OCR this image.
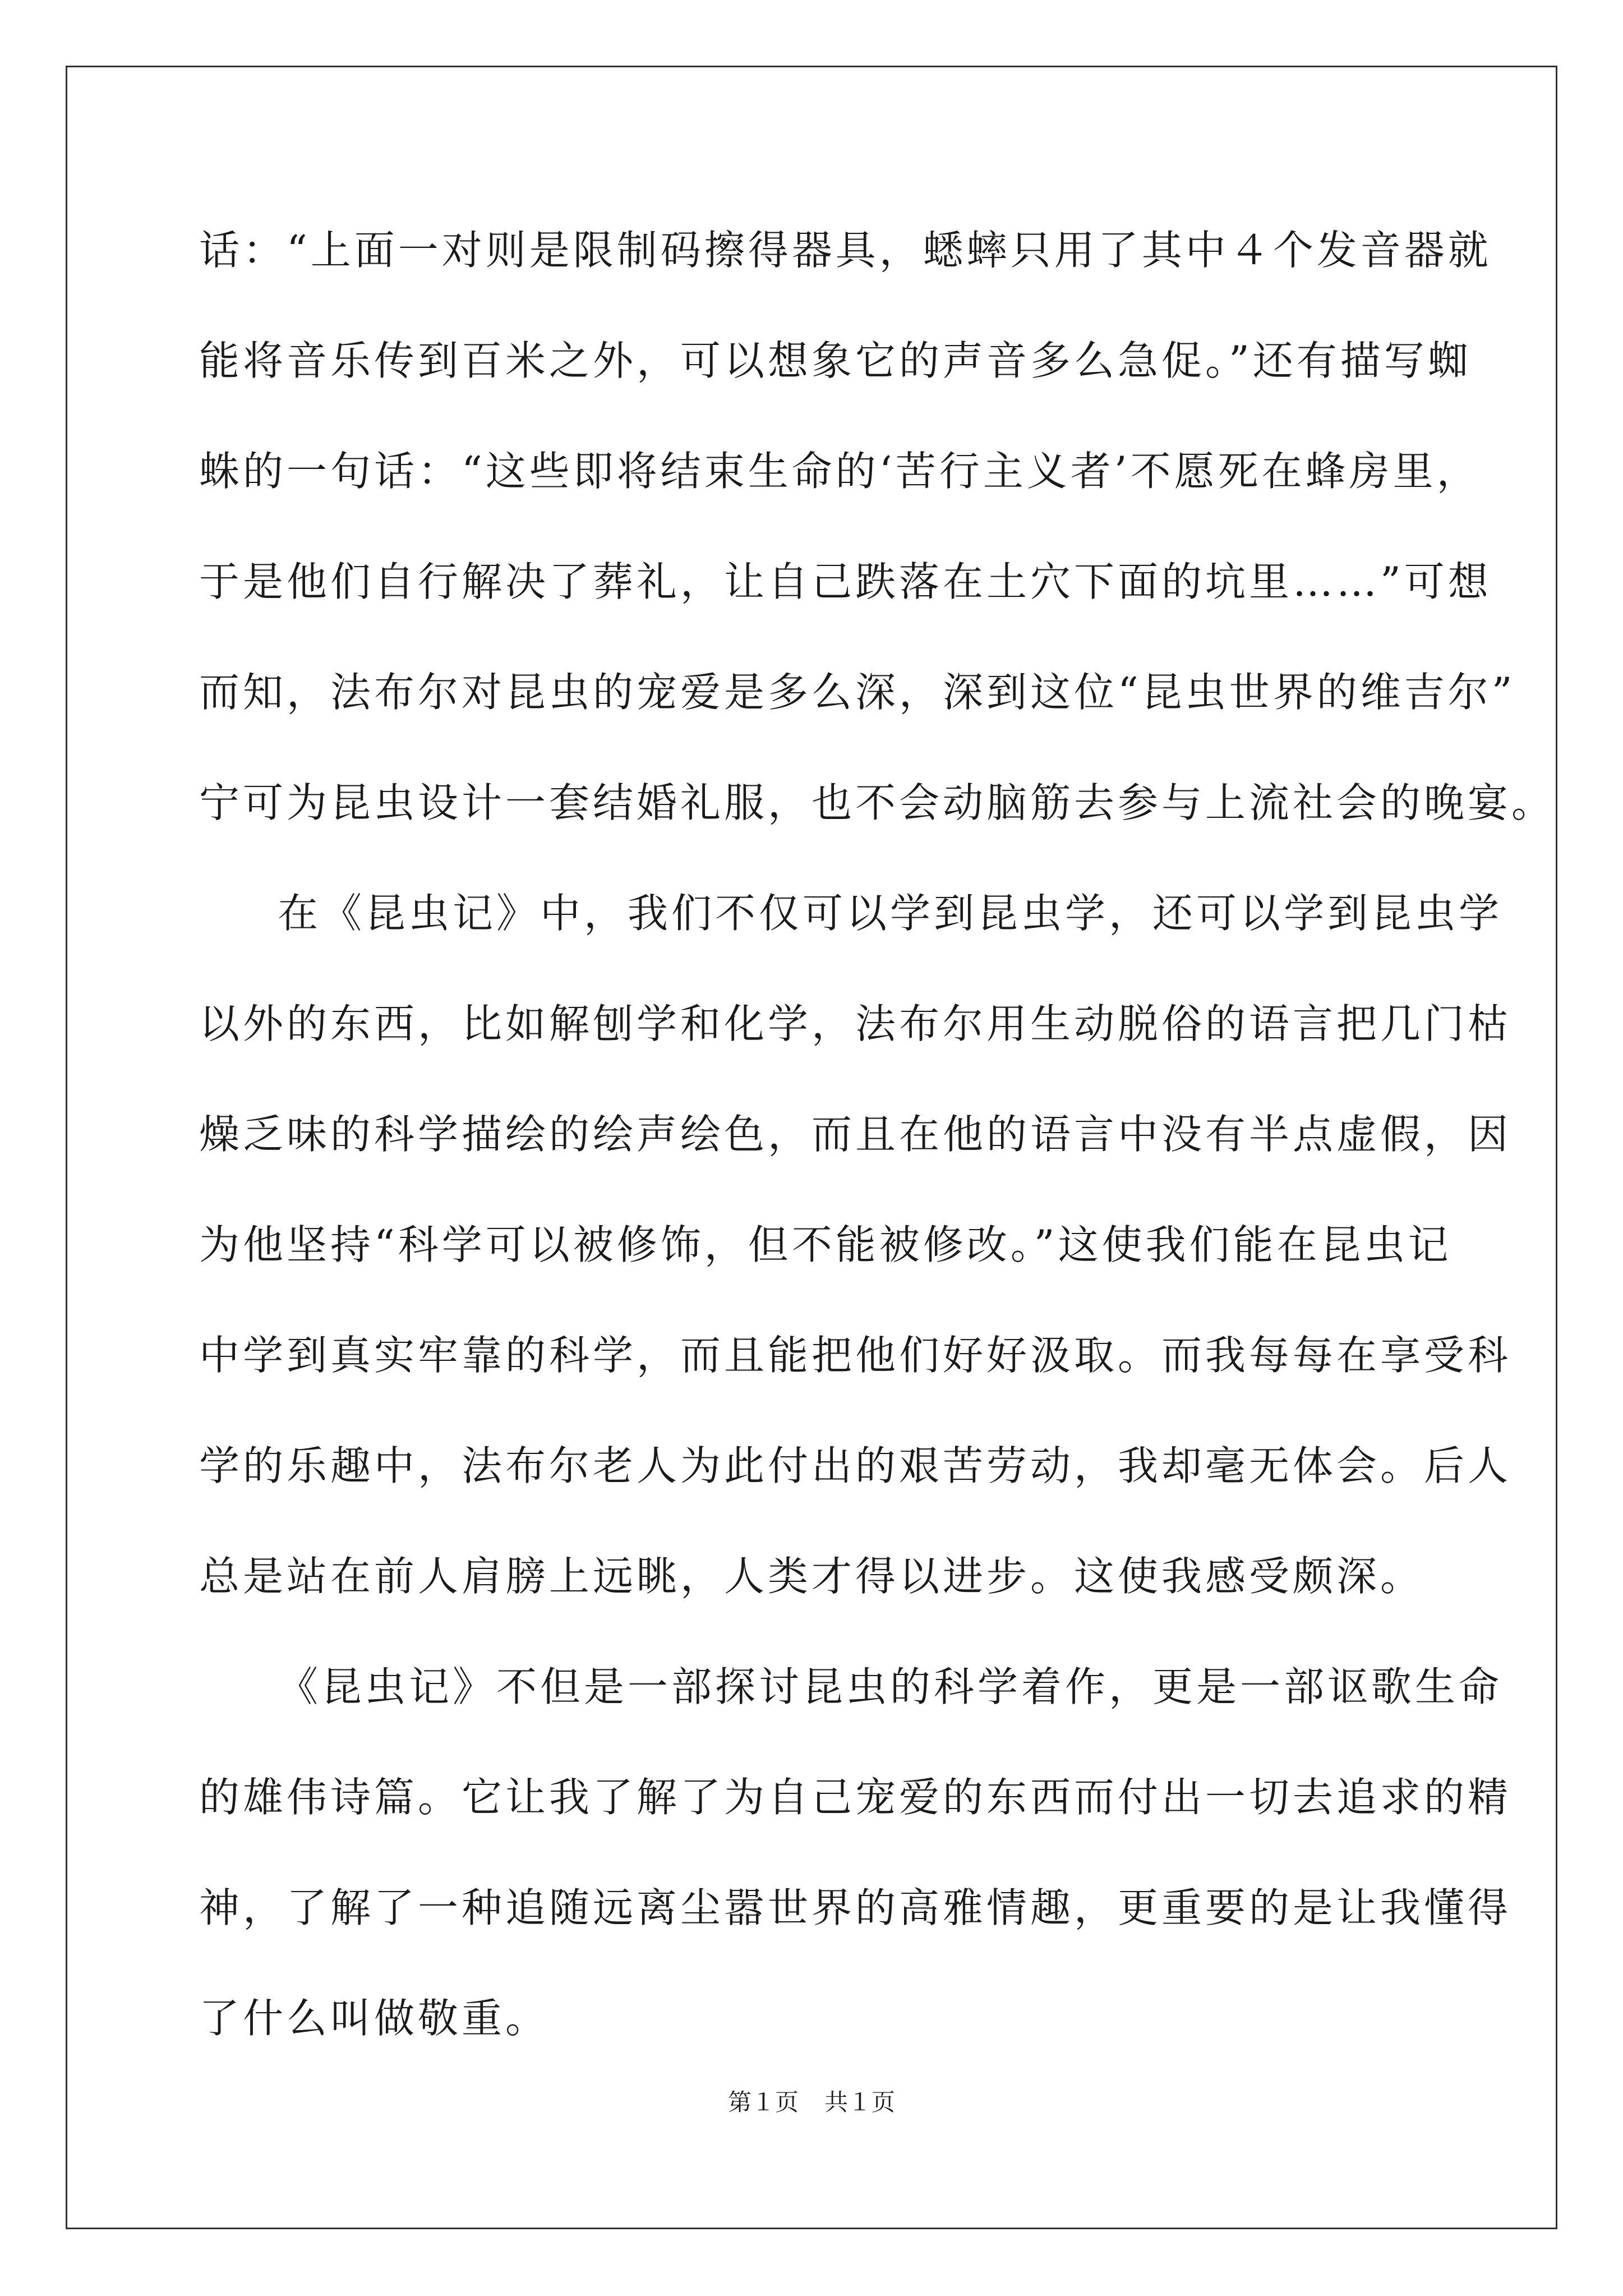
话：“上面一对则是限制码擦得器具，蟋蟀只用了其中４个发音器就
能将音乐传到百米之外，可以想象它的声音多么急促。”还有描写蜘
蛛的一句话：“这些即将结束生命的‘苦行主义者’不愿死在蜂房里，
于是他们自行解决了葬礼，让自己跌落在土穴下面的坑里……”可想
而知，法布尔对昆虫的宠爱是多么深，深到这位“昆虫世界的维吉尔”
宁可为昆虫设计一套结婚礼服，也不会动脑筋去参与上流社会的晚宴。
在《昆虫记》中，我们不仅可以学到昆虫学，还可以学到昆虫学
以外的东西，比如解刨学和化学，法布尔用生动脱俗的语言把几门枯
燥乏味的科学描绘的绘声绘色，而且在他的语言中没有半点虚假，因
为他坚持“科学可以被修饰，但不能被修改。”这使我们能在昆虫记
中学到真实牢靠的科学，而且能把他们好好汲取。而我每每在享受科
学的乐趣中，法布尔老人为此付出的艰苦劳动，我却毫无体会。后人
总是站在前人肩膀上远眺，人类才得以进步。这使我感受颇深。
《昆虫记》不但是一部探讨昆虫的科学着作，更是一部讴歌生命
的雄伟诗篇。它让我了解了为自己宠爱的东西而付出一切去追求的精
神，了解了一种追随远离尘嚣世界的高雅情趣，更重要的是让我懂得
了什么叫做敬重。
第１页 共１页
